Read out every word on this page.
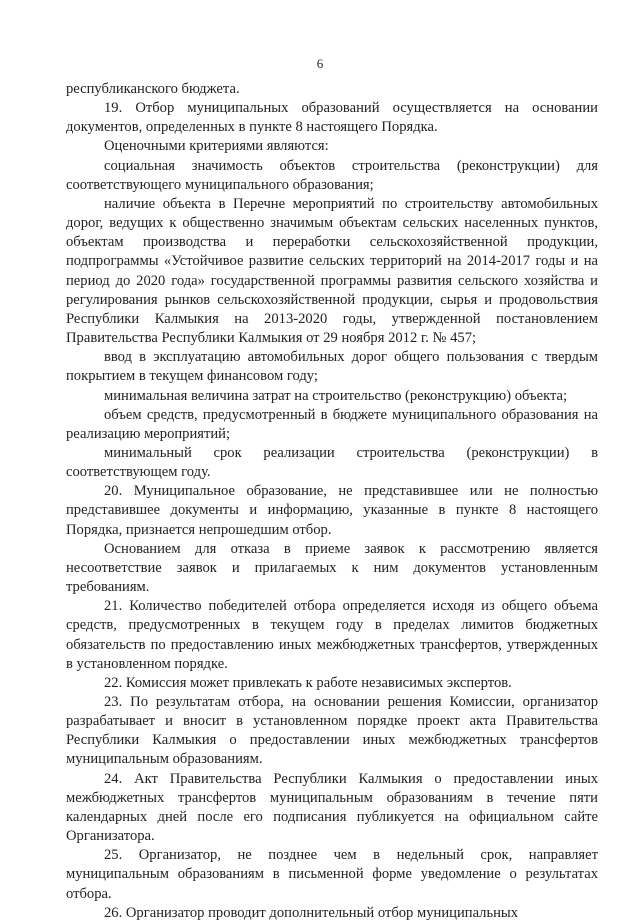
6

республиканского бюджета.

19. Отбор муниципальных образований осуществляется на основании документов, определенных в пункте 8 настоящего Порядка.

Оценочными критериями являются:

социальная значимость объектов строительства (реконструкции) для соответствующего муниципального образования;

наличие объекта в Перечне мероприятий по строительству автомобильных дорог, ведущих к общественно значимым объектам сельских населенных пунктов, объектам производства и переработки сельскохозяйственной продукции, подпрограммы «Устойчивое развитие сельских территорий на 2014-2017 годы и на период до 2020 года» государственной программы развития сельского хозяйства и регулирования рынков сельскохозяйственной продукции, сырья и продовольствия Республики Калмыкия на 2013-2020 годы, утвержденной постановлением Правительства Республики Калмыкия от 29 ноября 2012 г. № 457;

ввод в эксплуатацию автомобильных дорог общего пользования с твердым покрытием в текущем финансовом году;

минимальная величина затрат на строительство (реконструкцию) объекта;

объем средств, предусмотренный в бюджете муниципального образования на реализацию мероприятий;

минимальный срок реализации строительства (реконструкции) в соответствующем году.

20. Муниципальное образование, не представившее или не полностью представившее документы и информацию, указанные в пункте 8 настоящего Порядка, признается непрошедшим отбор.

Основанием для отказа в приеме заявок к рассмотрению является несоответствие заявок и прилагаемых к ним документов установленным требованиям.

21. Количество победителей отбора определяется исходя из общего объема средств, предусмотренных в текущем году в пределах лимитов бюджетных обязательств по предоставлению иных межбюджетных трансфертов, утвержденных в установленном порядке.

22. Комиссия может привлекать к работе независимых экспертов.

23. По результатам отбора, на основании решения Комиссии, организатор разрабатывает и вносит в установленном порядке проект акта Правительства Республики Калмыкия о предоставлении иных межбюджетных трансфертов муниципальным образованиям.

24. Акт Правительства Республики Калмыкия о предоставлении иных межбюджетных трансфертов муниципальным образованиям в течение пяти календарных дней после его подписания публикуется на официальном сайте Организатора.

25. Организатор, не позднее чем в недельный срок, направляет муниципальным образованиям в письменной форме уведомление о результатах отбора.

26. Организатор проводит дополнительный отбор муниципальных
